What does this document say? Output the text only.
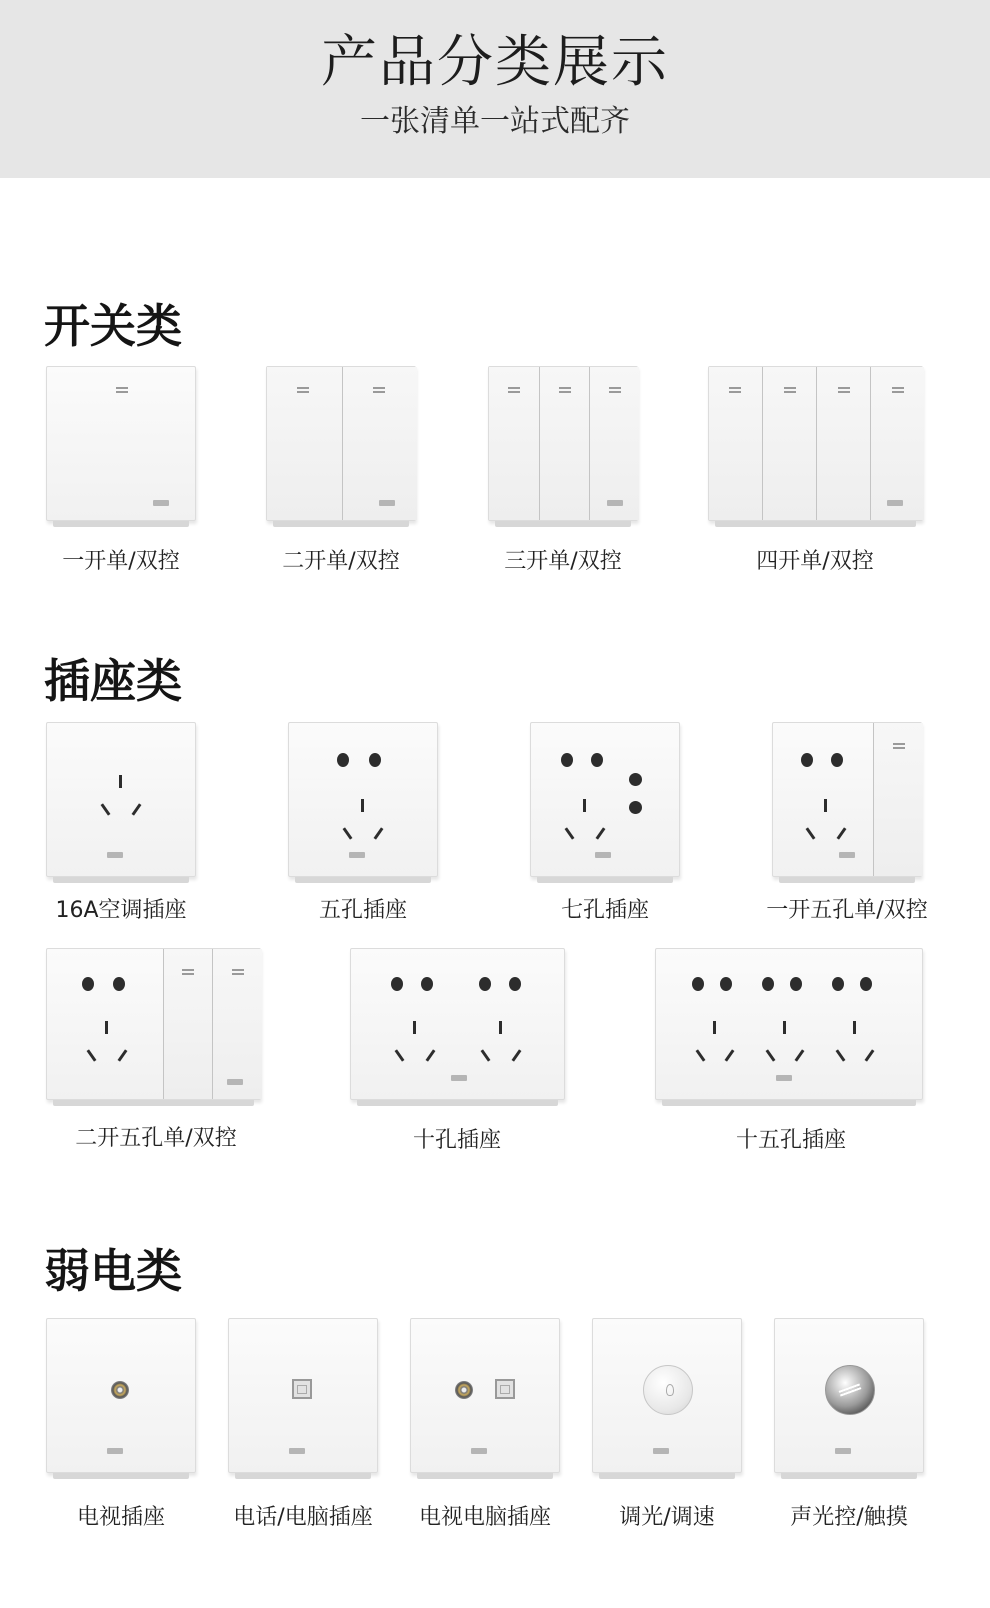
产品分类展示
一张清单一站式配齐
开关类
一开单/双控	二开单/双控	三开单/双控	四开单/双控
插座类
16A空调插座	五孔插座	七孔插座	一开五孔单/双控
二开五孔单/双控	十孔插座	十五孔插座
弱电类
电视插座	电话/电脑插座	电视电脑插座	调光/调速	声光控/触摸
